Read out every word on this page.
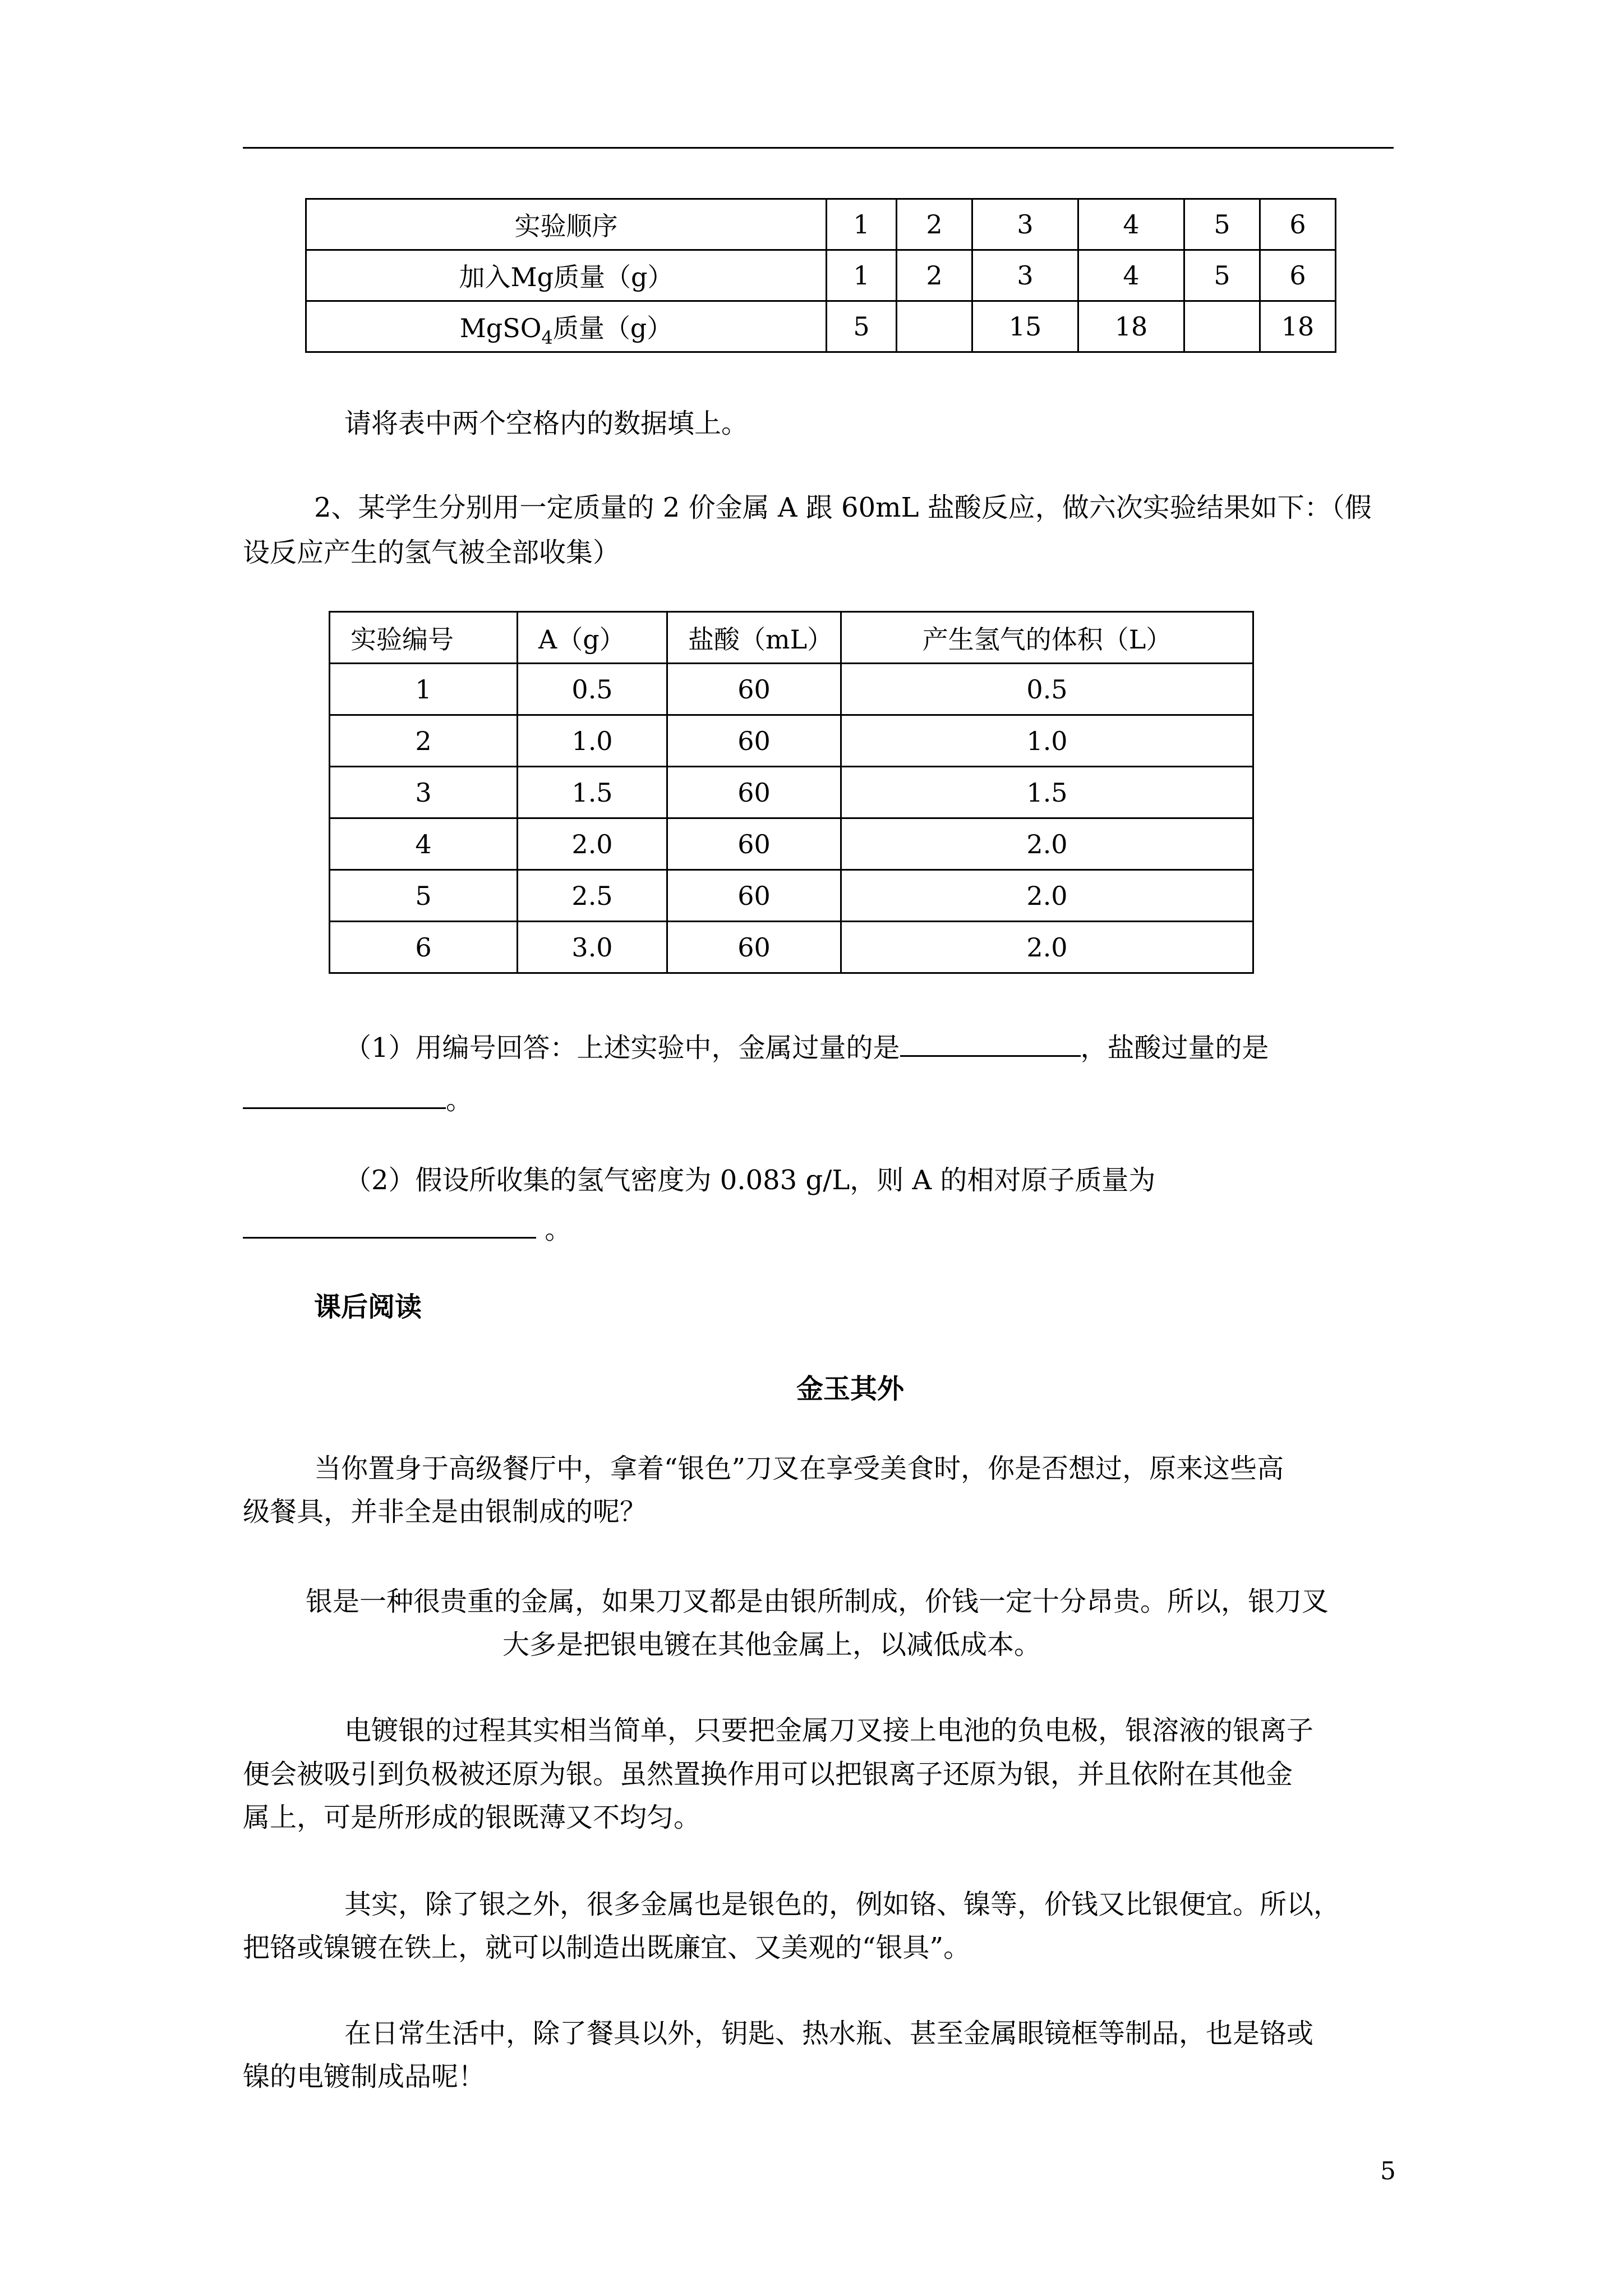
实验顺序	1	2	3	4	5	6
加入Mg质量（g）	1	2	3	4	5	6
MgSO$_4$质量（g）	5		15	18		18

请将表中两个空格内的数据填上。

2、某学生分别用一定质量的 2 价金属 A 跟 60mL 盐酸反应，做六次实验结果如下：（假

设反应产生的氢气被全部收集）

实验编号	A（g）	盐酸（mL）	产生氢气的体积（L）
1	0.5	60	0.5
2	1.0	60	1.0
3	1.5	60	1.5
4	2.0	60	2.0
5	2.5	60	2.0
6	3.0	60	2.0

（1）用编号回答：上述实验中，金属过量的是	，盐酸过量的是

。

（2）假设所收集的氢气密度为 0.083 g/L，则 A 的相对原子质量为

。

课后阅读

金玉其外

当你置身于高级餐厅中，拿着“银色”刀叉在享受美食时，你是否想过，原来这些高

级餐具，并非全是由银制成的呢？

银是一种很贵重的金属，如果刀叉都是由银所制成，价钱一定十分昂贵。所以，银刀叉

大多是把银电镀在其他金属上，以减低成本。

电镀银的过程其实相当简单，只要把金属刀叉接上电池的负电极，银溶液的银离子

便会被吸引到负极被还原为银。虽然置换作用可以把银离子还原为银，并且依附在其他金

属上，可是所形成的银既薄又不均匀。

其实，除了银之外，很多金属也是银色的，例如铬、镍等，价钱又比银便宜。所以，

把铬或镍镀在铁上，就可以制造出既廉宜、又美观的“银具”。

在日常生活中，除了餐具以外，钥匙、热水瓶、甚至金属眼镜框等制品，也是铬或

镍的电镀制成品呢！

5
